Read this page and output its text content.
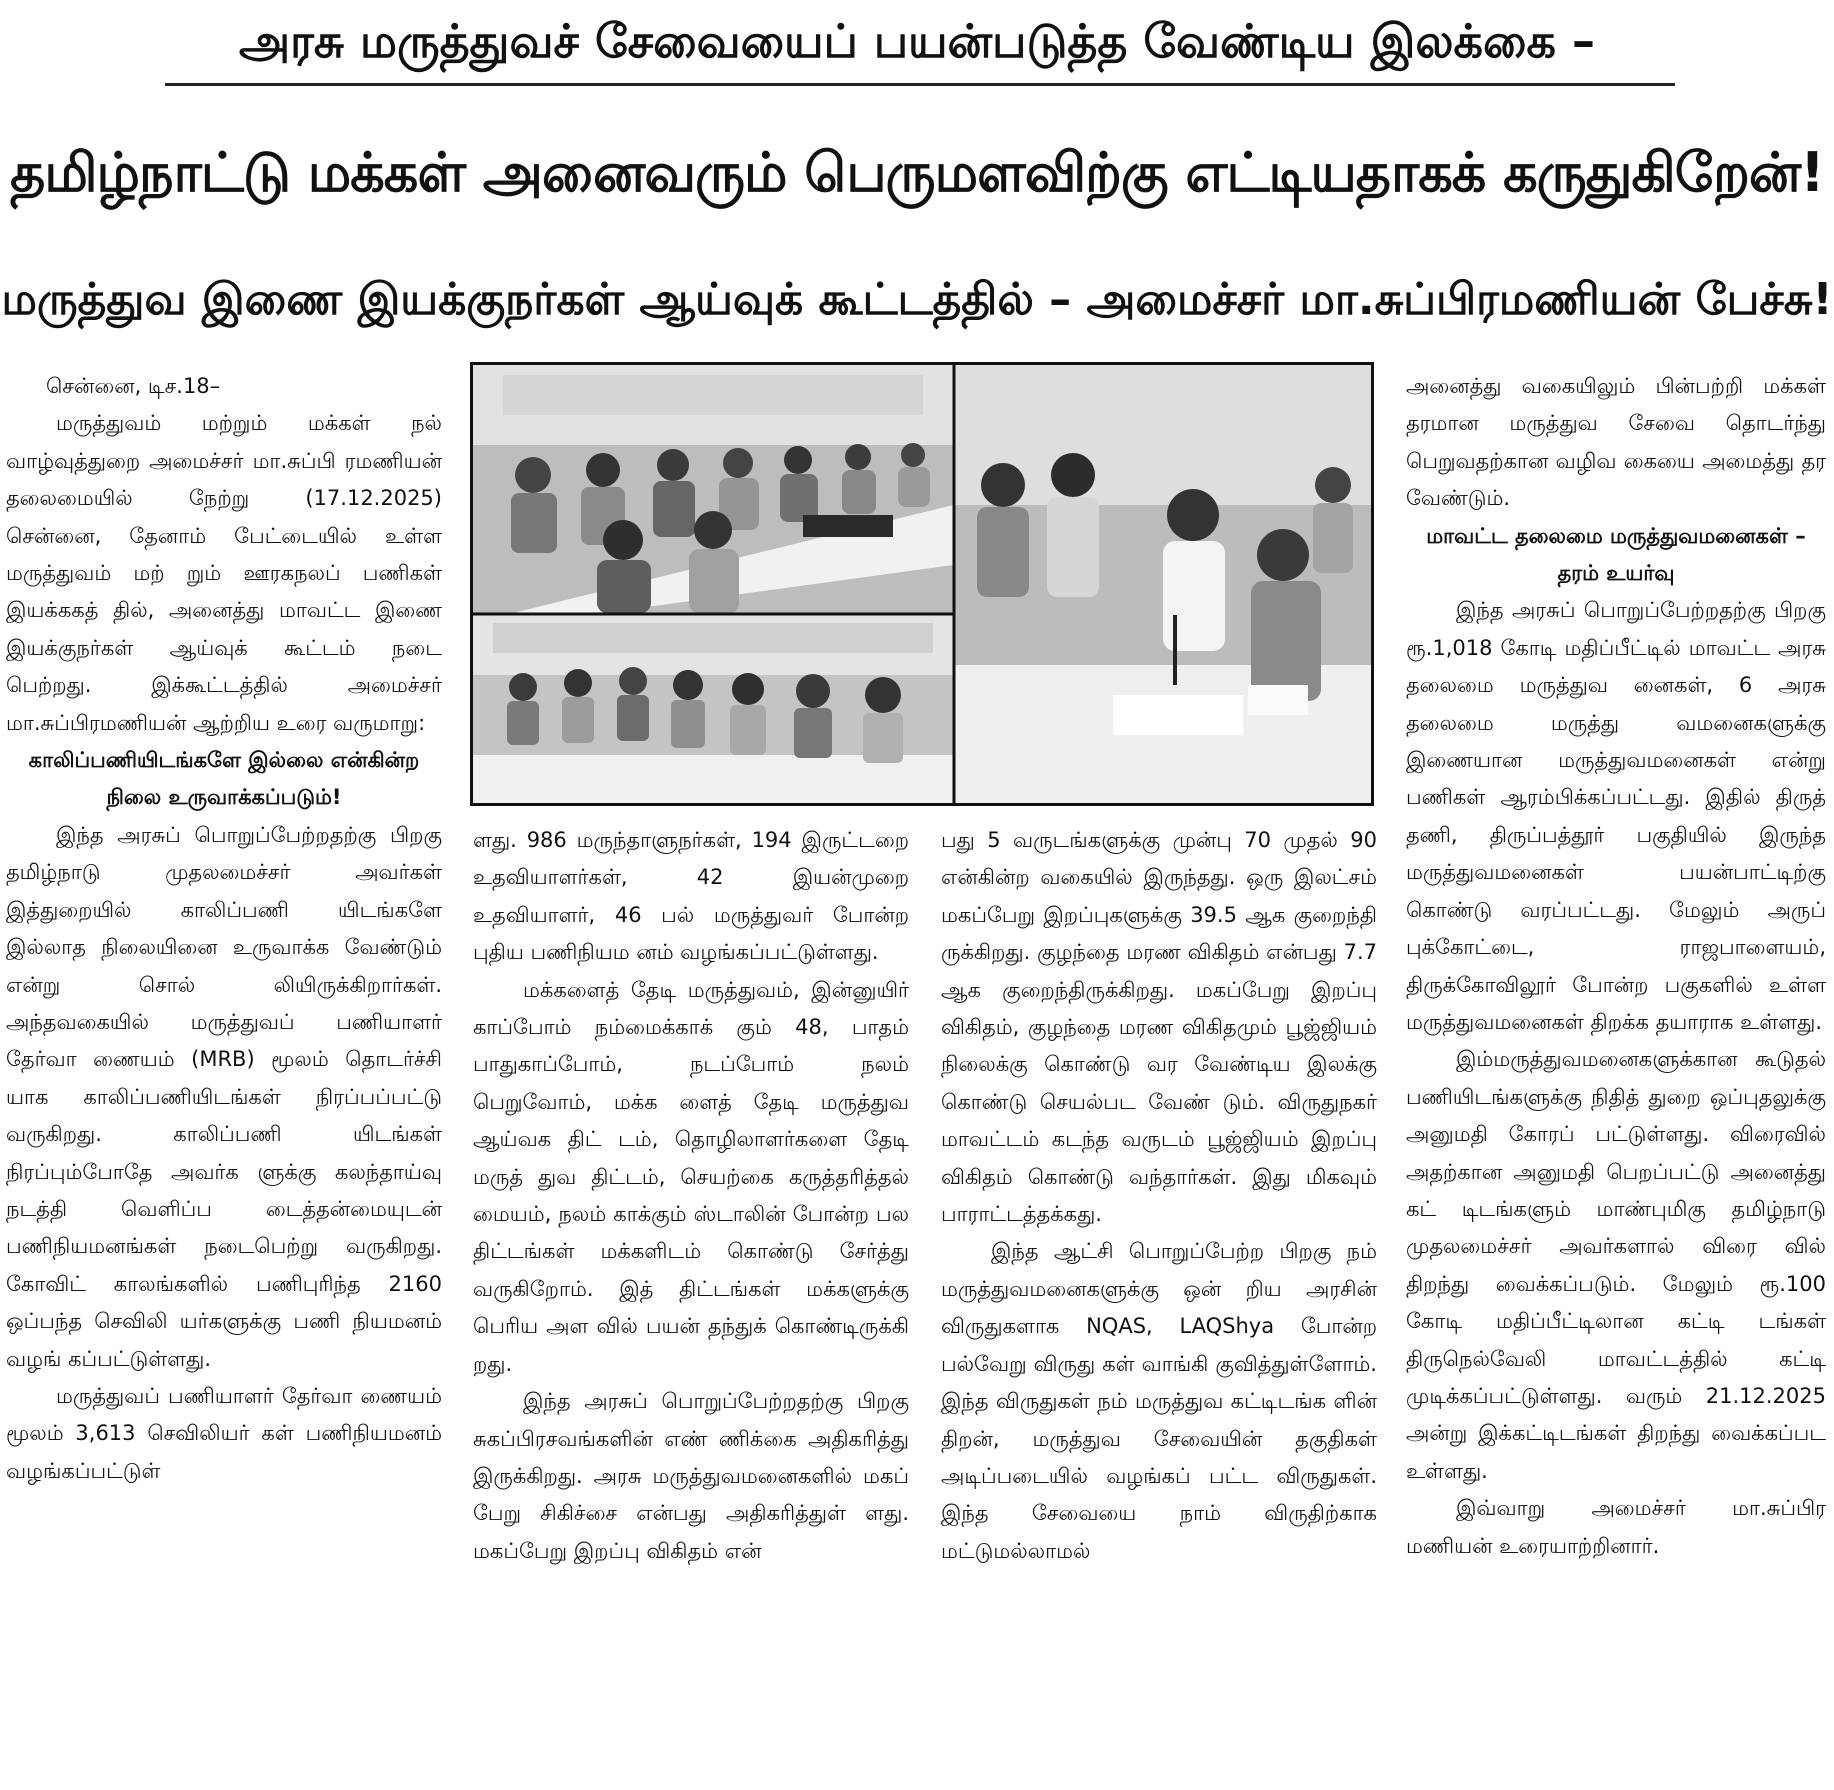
அரசு மருத்துவச் சேவையைப் பயன்படுத்த வேண்டிய இலக்கை –
தமிழ்நாட்டு மக்கள் அனைவரும் பெருமளவிற்கு எட்டியதாகக் கருதுகிறேன்!
மருத்துவ இணை இயக்குநர்கள் ஆய்வுக் கூட்டத்தில் – அமைச்சர் மா.சுப்பிரமணியன் பேச்சு!

சென்னை, டிச.18–

மருத்துவம் மற்றும் மக்கள் நல் வாழ்வுத்துறை அமைச்சர் மா.சுப்பி ரமணியன் தலைமையில் நேற்று (17.12.2025) சென்னை, தேனாம் பேட்டையில் உள்ள மருத்துவம் மற் றும் ஊரகநலப் பணிகள் இயக்ககத் தில், அனைத்து மாவட்ட இணை இயக்குநர்கள் ஆய்வுக் கூட்டம் நடை பெற்றது. இக்கூட்டத்தில் அமைச்சர் மா.சுப்பிரமணியன் ஆற்றிய உரை வருமாறு:

காலிப்பணியிடங்களே இல்லை என்கின்ற நிலை உருவாக்கப்படும்!

இந்த அரசுப் பொறுப்பேற்றதற்கு பிறகு தமிழ்நாடு முதலமைச்சர் அவர்கள் இத்துறையில் காலிப்பணி யிடங்களே இல்லாத நிலையினை உருவாக்க வேண்டும் என்று சொல் லியிருக்கிறார்கள். அந்தவகையில் மருத்துவப் பணியாளர் தேர்வா ணையம் (MRB) மூலம் தொடர்ச்சி யாக காலிப்பணியிடங்கள் நிரப்பப்பட்டு வருகிறது. காலிப்பணி யிடங்கள் நிரப்பும்போதே அவர்க ளுக்கு கலந்தாய்வு நடத்தி வெளிப்ப டைத்தன்மையுடன் பணிநியமனங்கள் நடைபெற்று வருகிறது. கோவிட் காலங்களில் பணிபுரிந்த 2160 ஒப்பந்த செவிலி யர்களுக்கு பணி நியமனம் வழங் கப்பட்டுள்ளது.

மருத்துவப் பணியாளர் தேர்வா ணையம் மூலம் 3,613 செவிலியர் கள் பணிநியமனம் வழங்கப்பட்டுள்

ளது. 986 மருந்தாளுநர்கள், 194 இருட்டறை உதவியாளர்கள், 42 இயன்முறை உதவியாளர், 46 பல் மருத்துவர் போன்ற புதிய பணிநியம னம் வழங்கப்பட்டுள்ளது.

மக்களைத் தேடி மருத்துவம், இன்னுயிர் காப்போம் நம்மைக்காக் கும் 48, பாதம் பாதுகாப்போம், நடப்போம் நலம் பெறுவோம், மக்க ளைத் தேடி மருத்துவ ஆய்வக திட் டம், தொழிலாளர்களை தேடி மருத் துவ திட்டம், செயற்கை கருத்தரித்தல் மையம், நலம் காக்கும் ஸ்டாலின் போன்ற பல திட்டங்கள் மக்களிடம் கொண்டு சேர்த்து வருகிறோம். இத் திட்டங்கள் மக்களுக்கு பெரிய அள வில் பயன் தந்துக் கொண்டிருக்கி றது.

இந்த அரசுப் பொறுப்பேற்றதற்கு பிறகு சுகப்பிரசவங்களின் எண் ணிக்கை அதிகரித்து இருக்கிறது. அரசு மருத்துவமனைகளில் மகப் பேறு சிகிச்சை என்பது அதிகரித்துள் ளது. மகப்பேறு இறப்பு விகிதம் என்

பது 5 வருடங்களுக்கு முன்பு 70 முதல் 90 என்கின்ற வகையில் இருந்தது. ஒரு இலட்சம் மகப்பேறு இறப்புகளுக்கு 39.5 ஆக குறைந்தி ருக்கிறது. குழந்தை மரண விகிதம் என்பது 7.7 ஆக குறைந்திருக்கிறது. மகப்பேறு இறப்பு விகிதம், குழந்தை மரண விகிதமும் பூஜ்ஜியம் நிலைக்கு கொண்டு வர வேண்டிய இலக்கு கொண்டு செயல்பட வேண் டும். விருதுநகர் மாவட்டம் கடந்த வருடம் பூஜ்ஜியம் இறப்பு விகிதம் கொண்டு வந்தார்கள். இது மிகவும் பாராட்டத்தக்கது.

இந்த ஆட்சி பொறுப்பேற்ற பிறகு நம் மருத்துவமனைகளுக்கு ஒன் றிய அரசின் விருதுகளாக NQAS, LAQShya போன்ற பல்வேறு விருது கள் வாங்கி குவித்துள்ளோம். இந்த விருதுகள் நம் மருத்துவ கட்டிடங்க ளின் திறன், மருத்துவ சேவையின் தகுதிகள் அடிப்படையில் வழங்கப் பட்ட விருதுகள். இந்த சேவையை நாம் விருதிற்காக மட்டுமல்லாமல்

அனைத்து வகையிலும் பின்பற்றி மக்கள் தரமான மருத்துவ சேவை தொடர்ந்து பெறுவதற்கான வழிவ கையை அமைத்து தர வேண்டும்.

மாவட்ட தலைமை மருத்துவமனைகள் – தரம் உயர்வு

இந்த அரசுப் பொறுப்பேற்றதற்கு பிறகு ரூ.1,018 கோடி மதிப்பீட்டில் மாவட்ட அரசு தலைமை மருத்துவ னைகள், 6 அரசு தலைமை மருத்து வமனைகளுக்கு இணையான மருத்துவமனைகள் என்று பணிகள் ஆரம்பிக்கப்பட்டது. இதில் திருத் தணி, திருப்பத்தூர் பகுதியில் இருந்த மருத்துவமனைகள் பயன்பாட்டிற்கு கொண்டு வரப்பட்டது. மேலும் அருப் புக்கோட்டை, ராஜபாளையம், திருக்கோவிலூர் போன்ற பகுகளில் உள்ள மருத்துவமனைகள் திறக்க தயாராக உள்ளது.

இம்மருத்துவமனைகளுக்கான கூடுதல் பணியிடங்களுக்கு நிதித் துறை ஒப்புதலுக்கு அனுமதி கோரப் பட்டுள்ளது. விரைவில் அதற்கான அனுமதி பெறப்பட்டு அனைத்து கட் டிடங்களும் மாண்புமிகு தமிழ்நாடு முதலமைச்சர் அவர்களால் விரை வில் திறந்து வைக்கப்படும். மேலும் ரூ.100 கோடி மதிப்பீட்டிலான கட்டி டங்கள் திருநெல்வேலி மாவட்டத்தில் கட்டி முடிக்கப்பட்டுள்ளது. வரும் 21.12.2025 அன்று இக்கட்டிடங்கள் திறந்து வைக்கப்பட உள்ளது.

இவ்வாறு அமைச்சர் மா.சுப்பிர மணியன் உரையாற்றினார்.
